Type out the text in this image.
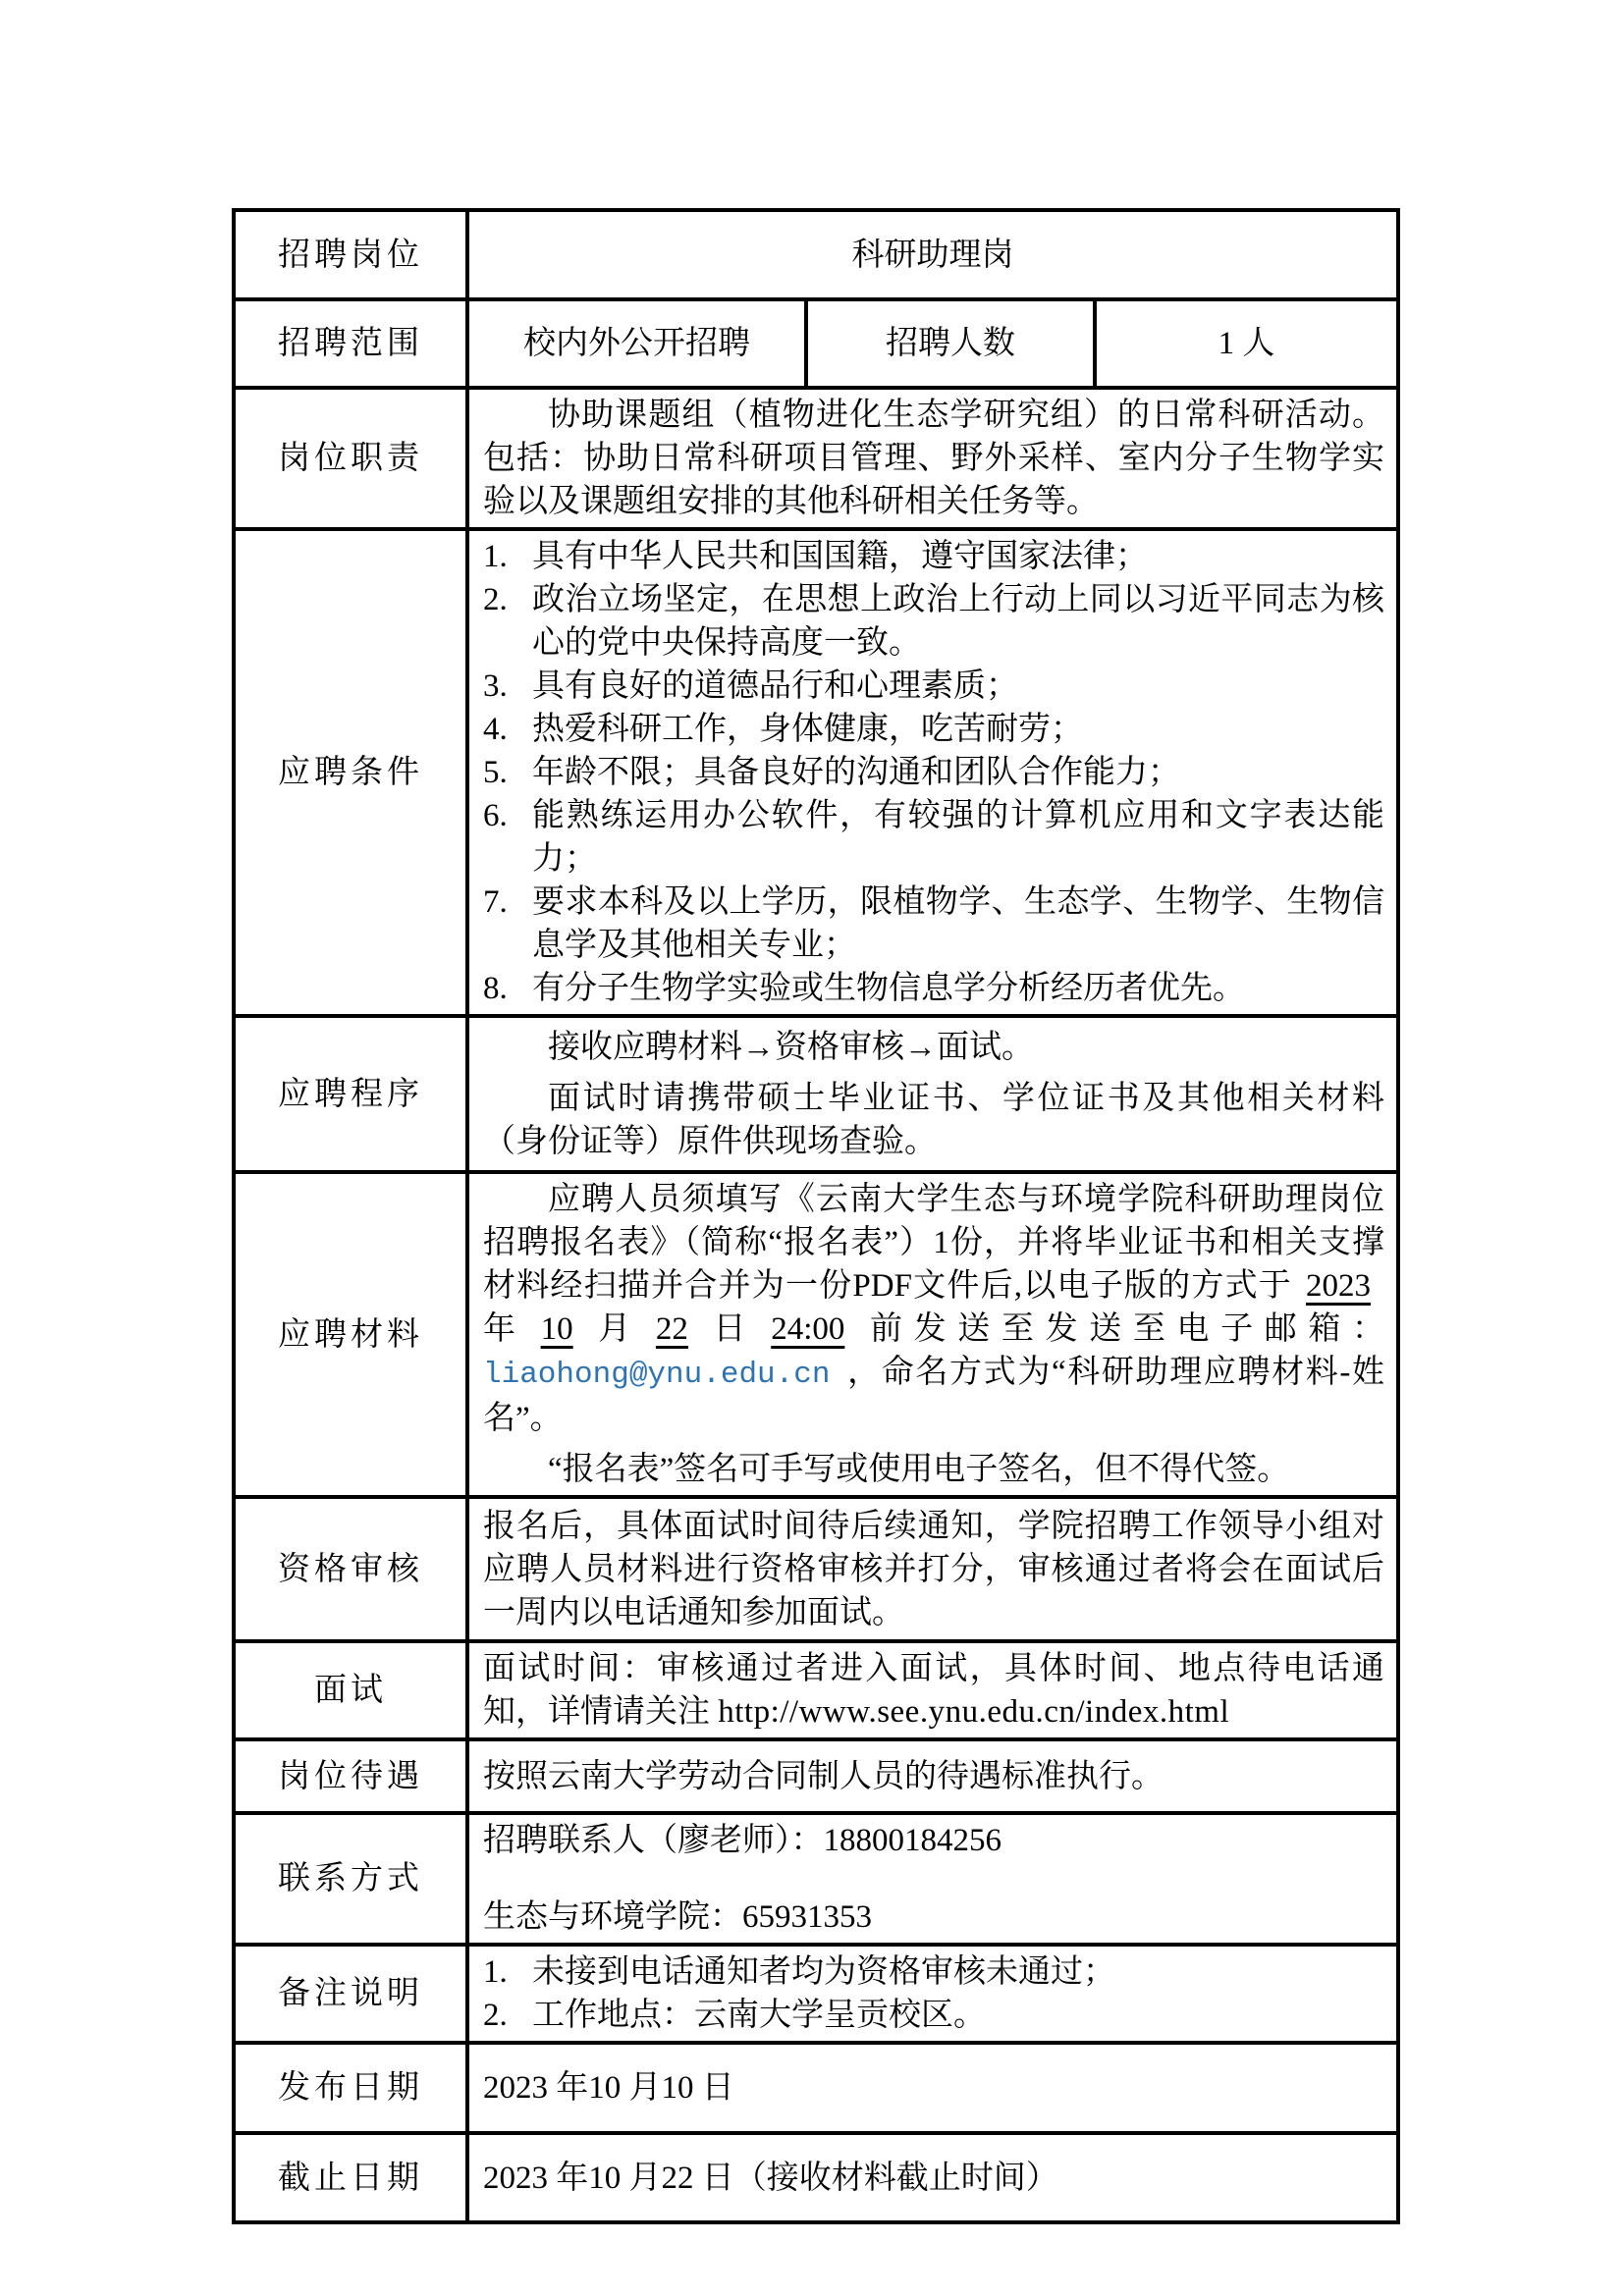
招聘岗位	科研助理岗		
招聘范围	校内外公开招聘	招聘人数	1 人
岗位职责	协助课题组（植物进化生态学研究组）的日常科研活动。包括：协助日常科研项目管理、野外采样、室内分子生物学实验以及课题组安排的其他科研相关任务等。		

应聘条件	
1. 具有中华人民共和国国籍，遵守国家法律；
2. 政治立场坚定，在思想上政治上行动上同以习近平同志为核心的党中央保持高度一致。
3. 具有良好的道德品行和心理素质；
4. 热爱科研工作，身体健康，吃苦耐劳；
5. 年龄不限；具备良好的沟通和团队合作能力；
6. 能熟练运用办公软件，有较强的计算机应用和文字表达能力；
7. 要求本科及以上学历，限植物学、生态学、生物学、生物信息学及其他相关专业；
8. 有分子生物学实验或生物信息学分析经历者优先。

应聘程序	接收应聘材料→资格审核→面试。

面试时请携带硕士毕业证书、学位证书及其他相关材料（身份证等）原件供现场查验。		

应聘材料	应聘人员须填写《云南大学生态与环境学院科研助理岗位招聘报名表》（简称“报名表”）1份，并将毕业证书和相关支撑材料经扫描并合并为一份PDF文件后,以电子版的方式于 2023年 10 月 22 日 24:00 前发送至发送至电子邮箱：liaohong@ynu.edu.cn ，命名方式为“科研助理应聘材料-姓名”。

“报名表”签名可手写或使用电子签名，但不得代签。		

资格审核	报名后，具体面试时间待后续通知，学院招聘工作领导小组对应聘人员材料进行资格审核并打分，审核通过者将会在面试后一周内以电话通知参加面试。		

面试	面试时间：审核通过者进入面试，具体时间、地点待电话通知，详情请关注 http://www.see.ynu.edu.cn/index.html		

岗位待遇	按照云南大学劳动合同制人员的待遇标准执行。		

联系方式	招聘联系人（廖老师）：18800184256

生态与环境学院：65931353		

备注说明	1. 未接到电话通知者均为资格审核未通过；
2. 工作地点：云南大学呈贡校区。		

发布日期	2023 年10 月10 日		

截止日期	2023 年10 月22 日（接收材料截止时间）		
